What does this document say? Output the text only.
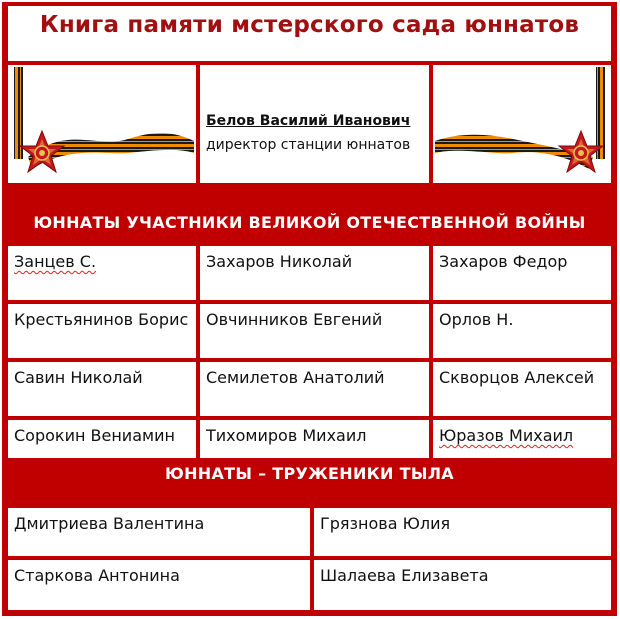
Книга памяти мстерского сада юннатов
Белов Василий Иванович
директор станции юннатов
ЮННАТЫ УЧАСТНИКИ ВЕЛИКОЙ ОТЕЧЕСТВЕННОЙ ВОЙНЫ
Занцев С.	Захаров Николай	Захаров Федор
Крестьянинов Борис	Овчинников Евгений	Орлов Н.
Савин Николай	Семилетов Анатолий	Скворцов Алексей
Сорокин Вениамин	Тихомиров Михаил	Юразов Михаил
ЮННАТЫ – ТРУЖЕНИКИ ТЫЛА
Дмитриева Валентина	Грязнова Юлия
Старкова Антонина	Шалаева Елизавета
